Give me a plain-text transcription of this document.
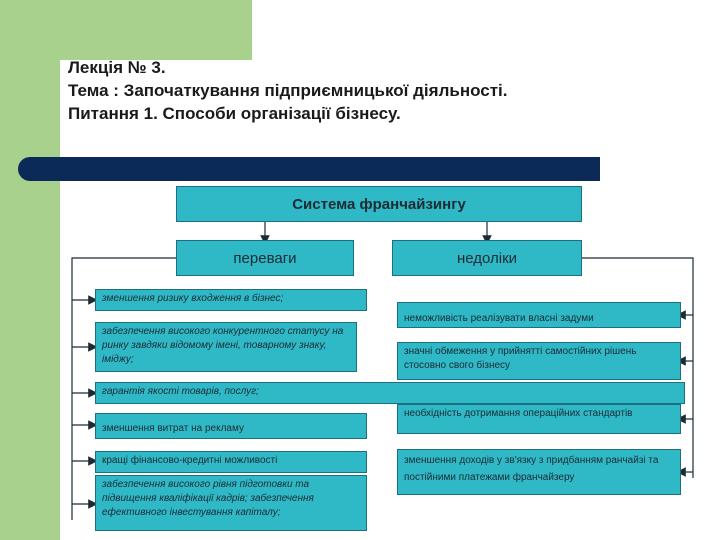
Лекція № 3.
Тема : Започаткування підприємницької діяльності.
Питання 1. Способи організації бізнесу.
Система франчайзингу
переваги	недоліки
зменшення ризику входження в бізнес;
забезпечення високого конкурентного статусу на ринку завдяки відомому імені, товарному знаку, іміджу;
гарантія якості товарів, послуг;
зменшення витрат на рекламу
кращі фінансово-кредитні можливості
забезпечення високого рівня підготовки та підвищення кваліфікації кадрів; забезпечення ефективного інвестування капіталу;
неможливість реалізувати власні задуми
значні обмеження у прийнятті самостійних рішень стосовно свого бізнесу
необхідність дотримання операційних стандартів
зменшення доходів у зв'язку з придбанням ранчайзі та постійними платежами франчайзеру
